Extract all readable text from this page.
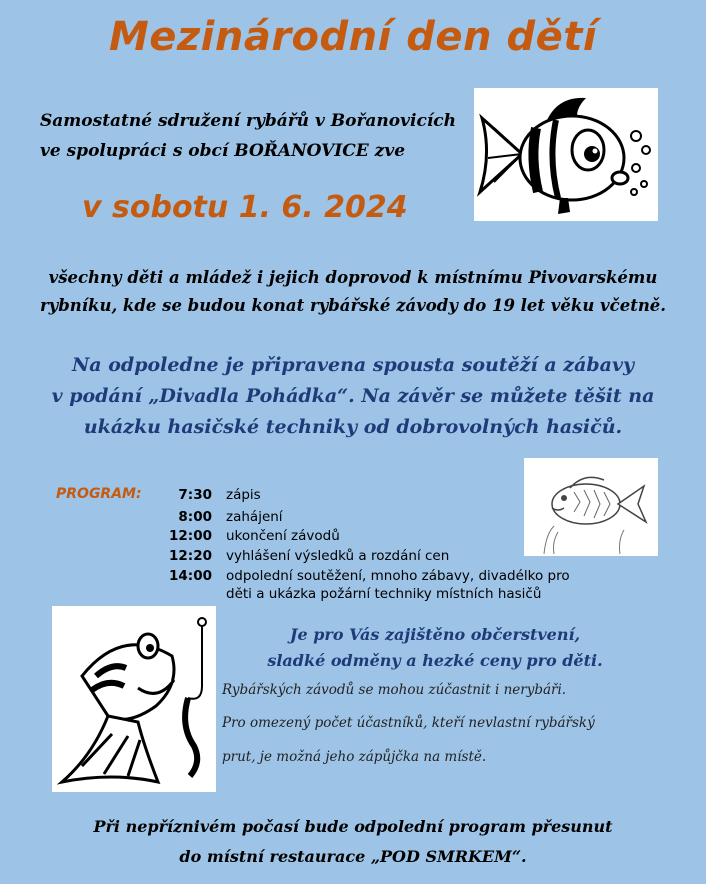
Mezinárodní den dětí
Samostatné sdružení rybářů v Bořanovicích
ve spolupráci s obcí BOŘANOVICE zve
v sobotu 1. 6. 2024
všechny děti a mládež i jejich doprovod k místnímu Pivovarskému
rybníku, kde se budou konat rybářské závody do 19 let věku včetně.
Na odpoledne je připravena spousta soutěží a zábavy
v podání „Divadla Pohádka“. Na závěr se můžete těšit na
ukázku hasičské techniky od dobrovolných hasičů.
PROGRAM:	7:30 zápis
8:00 zahájení
12:00 ukončení závodů
12:20 vyhlášení výsledků a rozdání cen
14:00 odpolední soutěžení, mnoho zábavy, divadélko pro
děti a ukázka požární techniky místních hasičů
Je pro Vás zajištěno občerstvení,
sladké odměny a hezké ceny pro děti.
Rybářských závodů se mohou zúčastnit i nerybáři.
Pro omezený počet účastníků, kteří nevlastní rybářský
prut, je možná jeho zápůjčka na místě.
Při nepříznivém počasí bude odpolední program přesunut
do místní restaurace „POD SMRKEM“.
